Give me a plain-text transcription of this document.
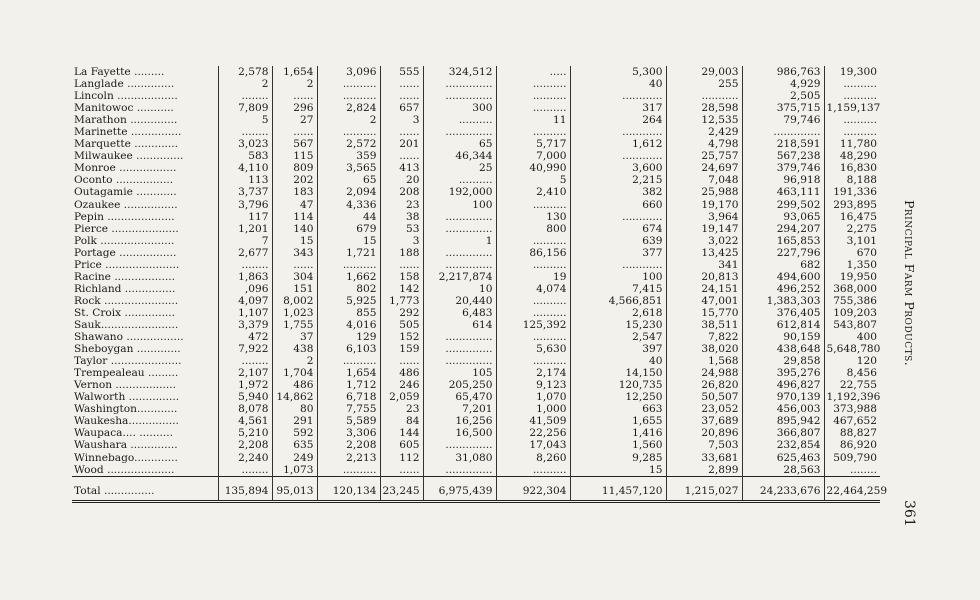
La Fayette .........	2,578	1,654	3,096	555	324,512	.....	5,300	29,003	986,763	19,300
Langlade ..............	2	2	..........	......	..............	..........	40	255	4,929	..........
Lincoln ..................	........	......	..........	......	..............	..........	............	...........	2,505	..........
Manitowoc ...........	7,809	296	2,824	657	300	..........	317	28,598	375,715	1,159,137
Marathon ..............	5	27	2	3	..........	11	264	12,535	79,746	..........
Marinette ...............	........	......	..........	......	..............	..........	............	2,429	..............	..........
Marquette .............	3,023	567	2,572	201	65	5,717	1,612	4,798	218,591	11,780
Milwaukee ..............	583	115	359	......	46,344	7,000	............	25,757	567,238	48,290
Monroe .................	4,110	809	3,565	413	25	40,990	3,600	24,697	379,746	16,830
Oconto .................	113	202	65	20	..........	5	2,215	7,048	96,918	8,188
Outagamie ............	3,737	183	2,094	208	192,000	2,410	382	25,988	463,111	191,336
Ozaukee ................	3,796	47	4,336	23	100	..........	660	19,170	299,502	293,895
Pepin ....................	117	114	44	38	..............	130	............	3,964	93,065	16,475
Pierce ....................	1,201	140	679	53	..............	800	674	19,147	294,207	2,275
Polk ......................	7	15	15	3	1	..........	639	3,022	165,853	3,101
Portage .................	2,677	343	1,721	188	..............	86,156	377	13,425	227,796	670
Price ......................	........	......	..........	......	..............	..........	............	341	682	1,350
Racine ..................	1,863	304	1,662	158	2,217,874	19	100	20,813	494,600	19,950
Richland ...............	,096	151	802	142	10	4,074	7,415	24,151	496,252	368,000
Rock ......................	4,097	8,002	5,925	1,773	20,440	..........	4,566,851	47,001	1,383,303	755,386
St. Croix ...............	1,107	1,023	855	292	6,483	..........	2,618	15,770	376,405	109,203
Sauk.......................	3,379	1,755	4,016	505	614	125,392	15,230	38,511	612,814	543,807
Shawano .................	472	37	129	152	..............	..........	2,547	7,822	90,159	400
Sheboygan .............	7,922	438	6,103	159	..............	5,630	397	38,020	438,648	5,648,780
Taylor .....................	........	2	..........	......	..............	..........	40	1,568	29,858	120
Trempealeau .........	2,107	1,704	1,654	486	105	2,174	14,150	24,988	395,276	8,456
Vernon ..................	1,972	486	1,712	246	205,250	9,123	120,735	26,820	496,827	22,755
Walworth ...............	5,940	14,862	6,718	2,059	65,470	1,070	12,250	50,507	970,139	1,192,396
Washington............	8,078	80	7,755	23	7,201	1,000	663	23,052	456,003	373,988
Waukesha...............	4,561	291	5,589	84	16,256	41,509	1,655	37,689	895,942	467,652
Waupaca.... ..........	5,210	592	3,306	144	16,500	22,256	1,416	20,896	366,807	88,827
Waushara ..............	2,208	635	2,208	605	..............	17,043	1,560	7,503	232,854	86,920
Winnebago.............	2,240	249	2,213	112	31,080	8,260	9,285	33,681	625,463	509,790
Wood ....................	........	1,073	..........	......	..............	..........	15	2,899	28,563	........
Total ...............	135,894	95,013	120,134	23,245	6,975,439	922,304	11,457,120	1,215,027	24,233,676	22,464,259
Principal Farm Products.
361
